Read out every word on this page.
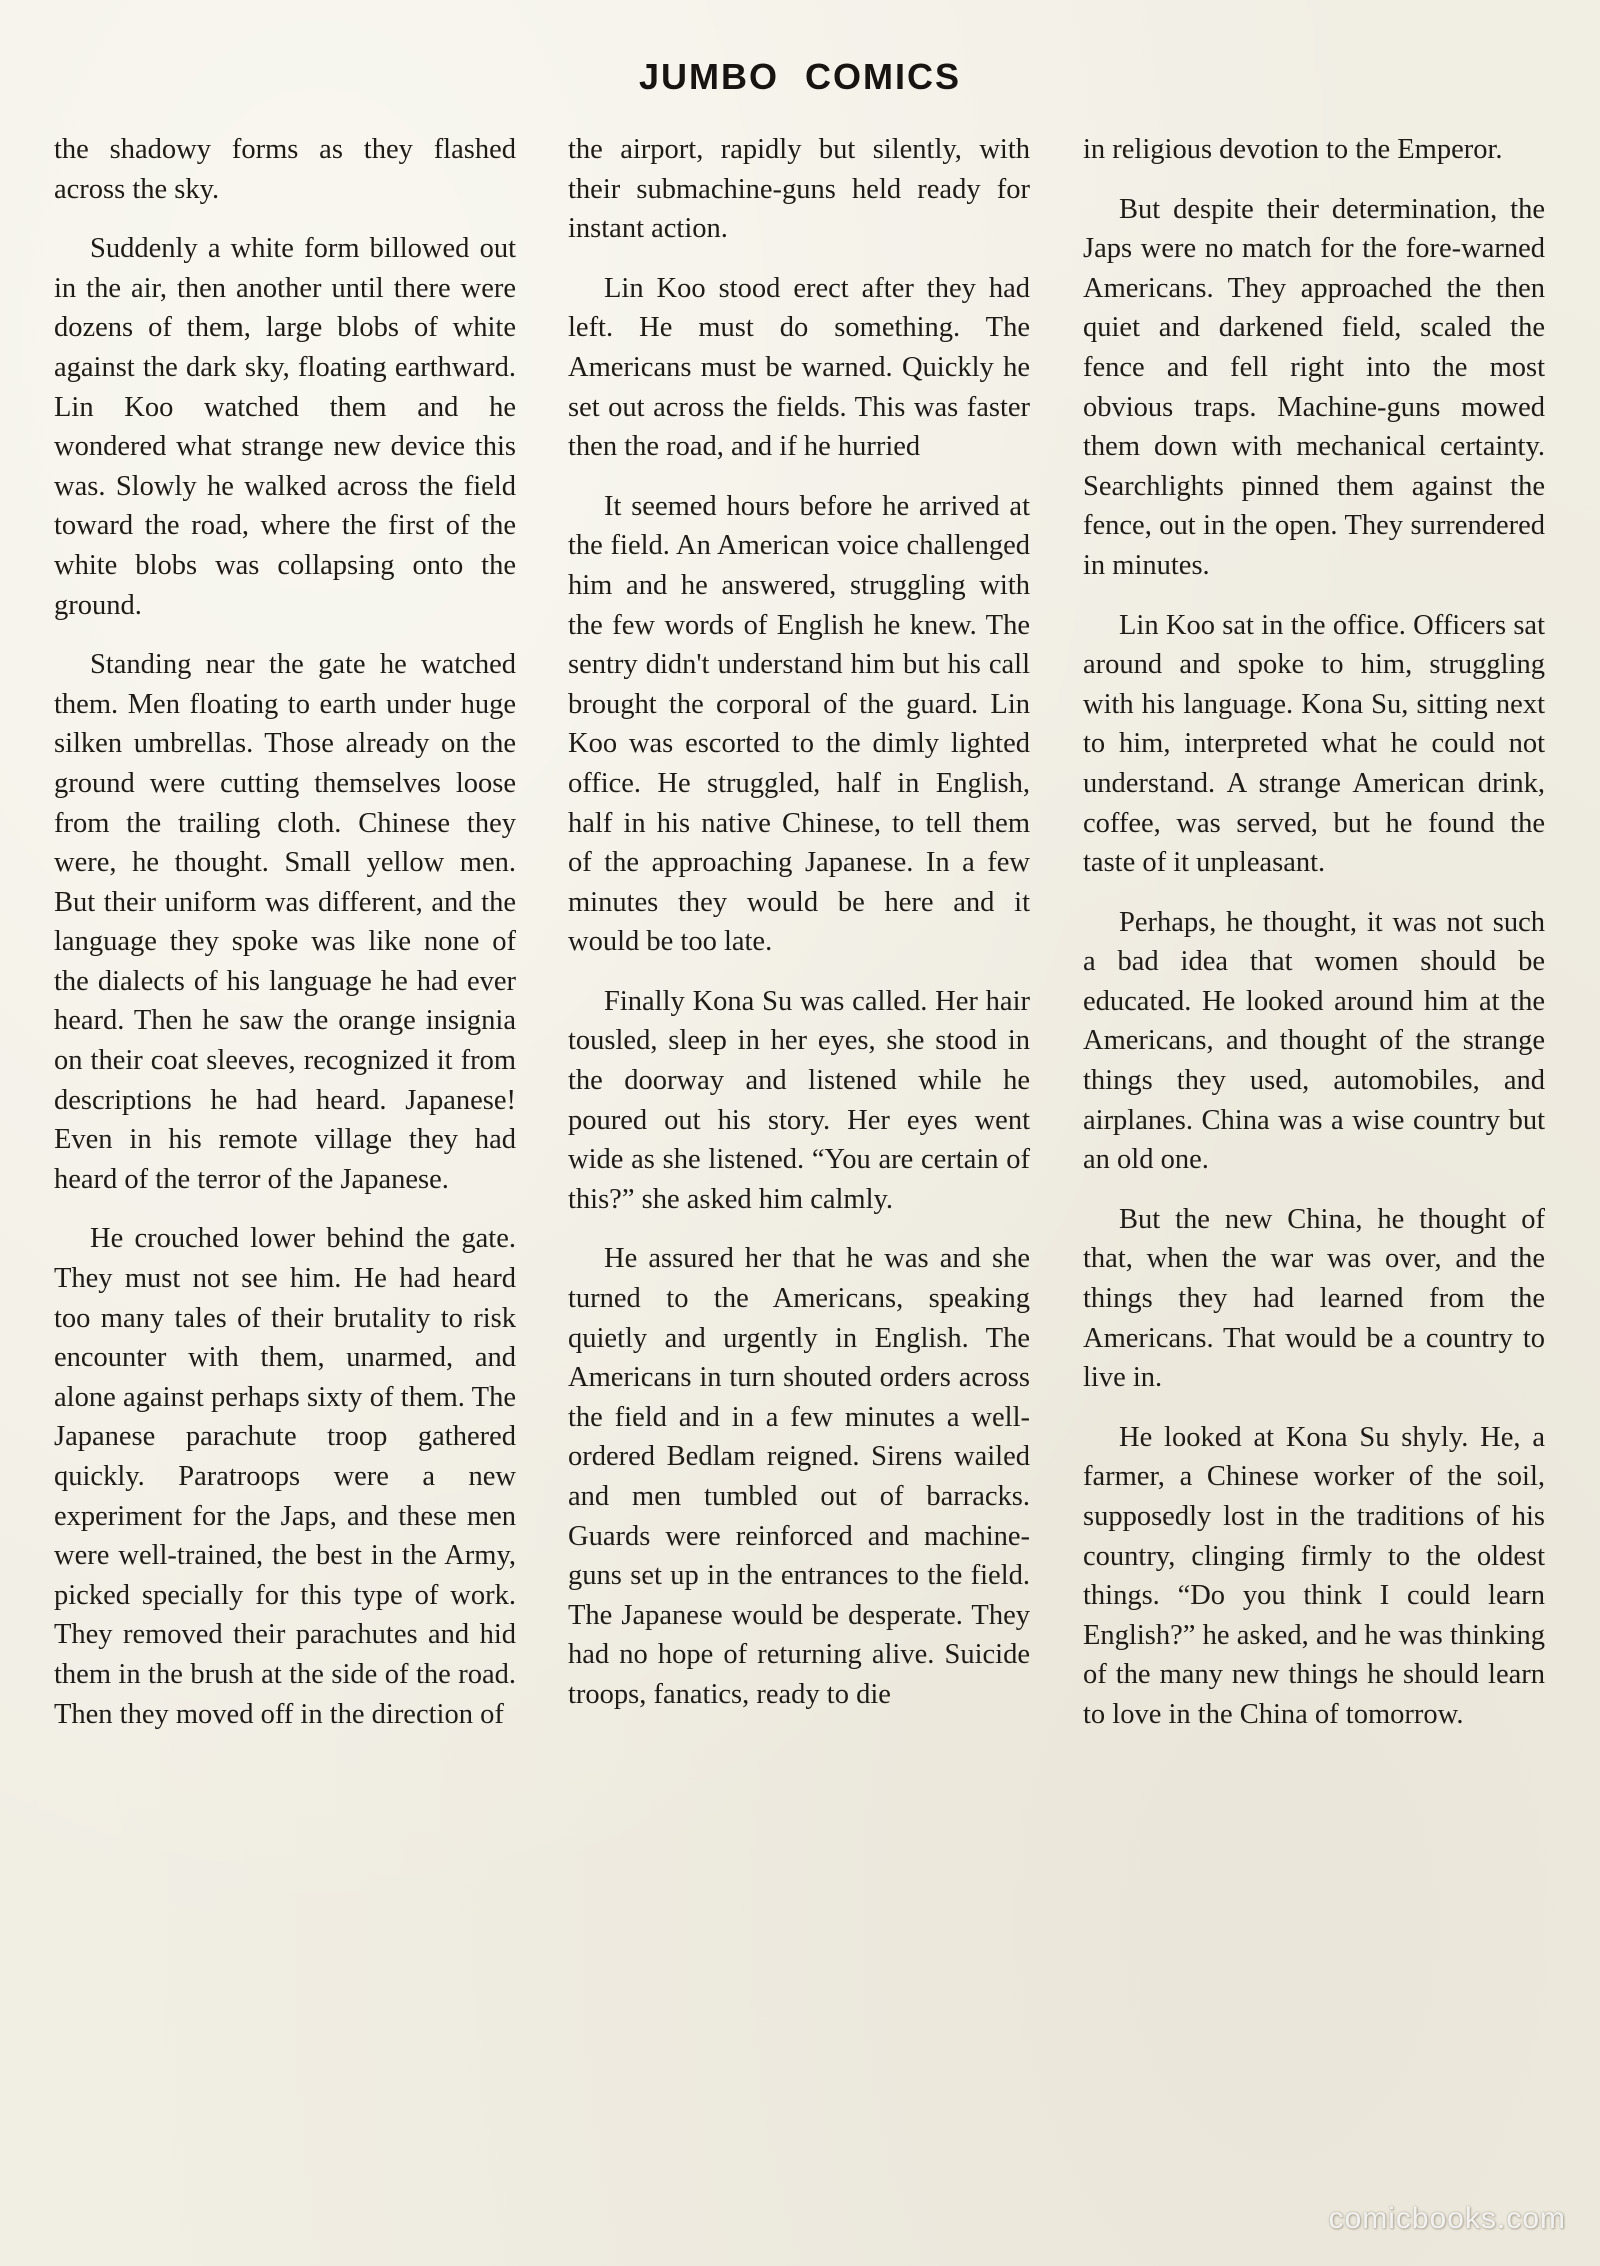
JUMBO COMICS

the shadowy forms as they flashed across the sky.

Suddenly a white form billowed out in the air, then another until there were dozens of them, large blobs of white against the dark sky, floating earthward. Lin Koo watched them and he wondered what strange new device this was. Slowly he walked across the field toward the road, where the first of the white blobs was collapsing onto the ground.

Standing near the gate he watched them. Men floating to earth under huge silken umbrellas. Those already on the ground were cutting themselves loose from the trailing cloth. Chinese they were, he thought. Small yellow men. But their uniform was different, and the language they spoke was like none of the dialects of his language he had ever heard. Then he saw the orange insignia on their coat sleeves, recognized it from descriptions he had heard. Japanese! Even in his remote village they had heard of the terror of the Japanese.

He crouched lower behind the gate. They must not see him. He had heard too many tales of their brutality to risk encounter with them, unarmed, and alone against perhaps sixty of them. The Japanese parachute troop gathered quickly. Paratroops were a new experiment for the Japs, and these men were well-trained, the best in the Army, picked specially for this type of work. They removed their parachutes and hid them in the brush at the side of the road. Then they moved off in the direction of

the airport, rapidly but silently, with their submachine-guns held ready for instant action.

Lin Koo stood erect after they had left. He must do something. The Americans must be warned. Quickly he set out across the fields. This was faster then the road, and if he hurried

It seemed hours before he arrived at the field. An American voice challenged him and he answered, struggling with the few words of English he knew. The sentry didn't understand him but his call brought the corporal of the guard. Lin Koo was escorted to the dimly lighted office. He struggled, half in English, half in his native Chinese, to tell them of the approaching Japanese. In a few minutes they would be here and it would be too late.

Finally Kona Su was called. Her hair tousled, sleep in her eyes, she stood in the doorway and listened while he poured out his story. Her eyes went wide as she listened. “You are certain of this?” she asked him calmly.

He assured her that he was and she turned to the Americans, speaking quietly and urgently in English. The Americans in turn shouted orders across the field and in a few minutes a well-ordered Bedlam reigned. Sirens wailed and men tumbled out of barracks. Guards were reinforced and machine-guns set up in the entrances to the field. The Japanese would be desperate. They had no hope of returning alive. Suicide troops, fanatics, ready to die

in religious devotion to the Emperor.

But despite their determination, the Japs were no match for the fore-warned Americans. They approached the then quiet and darkened field, scaled the fence and fell right into the most obvious traps. Machine-guns mowed them down with mechanical certainty. Searchlights pinned them against the fence, out in the open. They surrendered in minutes.

Lin Koo sat in the office. Officers sat around and spoke to him, struggling with his language. Kona Su, sitting next to him, interpreted what he could not understand. A strange American drink, coffee, was served, but he found the taste of it unpleasant.

Perhaps, he thought, it was not such a bad idea that women should be educated. He looked around him at the Americans, and thought of the strange things they used, automobiles, and airplanes. China was a wise country but an old one.

But the new China, he thought of that, when the war was over, and the things they had learned from the Americans. That would be a country to live in.

He looked at Kona Su shyly. He, a farmer, a Chinese worker of the soil, supposedly lost in the traditions of his country, clinging firmly to the oldest things. “Do you think I could learn English?” he asked, and he was thinking of the many new things he should learn to love in the China of tomorrow.

comicbooks.com
